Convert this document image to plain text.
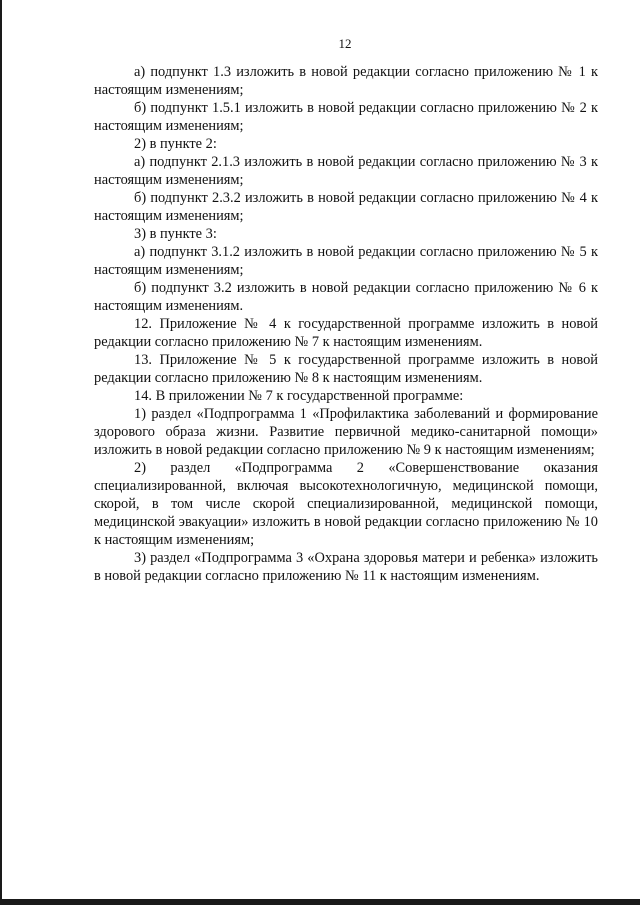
12

а) подпункт 1.3 изложить в новой редакции согласно приложению № 1 к настоящим изменениям;

б) подпункт 1.5.1 изложить в новой редакции согласно приложению № 2 к настоящим изменениям;

2) в пункте 2:

а) подпункт 2.1.3 изложить в новой редакции согласно приложению № 3 к настоящим изменениям;

б) подпункт 2.3.2 изложить в новой редакции согласно приложению № 4 к настоящим изменениям;

3) в пункте 3:

а) подпункт 3.1.2 изложить в новой редакции согласно приложению № 5 к настоящим изменениям;

б) подпункт 3.2 изложить в новой редакции согласно приложению № 6 к настоящим изменениям.

12. Приложение № 4 к государственной программе изложить в новой редакции согласно приложению № 7 к настоящим изменениям.

13. Приложение № 5 к государственной программе изложить в новой редакции согласно приложению № 8 к настоящим изменениям.

14. В приложении № 7 к государственной программе:

1) раздел «Подпрограмма 1 «Профилактика заболеваний и формирование здорового образа жизни. Развитие первичной медико-санитарной помощи» изложить в новой редакции согласно приложению № 9 к настоящим изменениям;

2) раздел «Подпрограмма 2 «Совершенствование оказания специализированной, включая высокотехнологичную, медицинской помощи, скорой, в том числе скорой специализированной, медицинской помощи, медицинской эвакуации» изложить в новой редакции согласно приложению № 10 к настоящим изменениям;

3) раздел «Подпрограмма 3 «Охрана здоровья матери и ребенка» изложить в новой редакции согласно приложению № 11 к настоящим изменениям.
